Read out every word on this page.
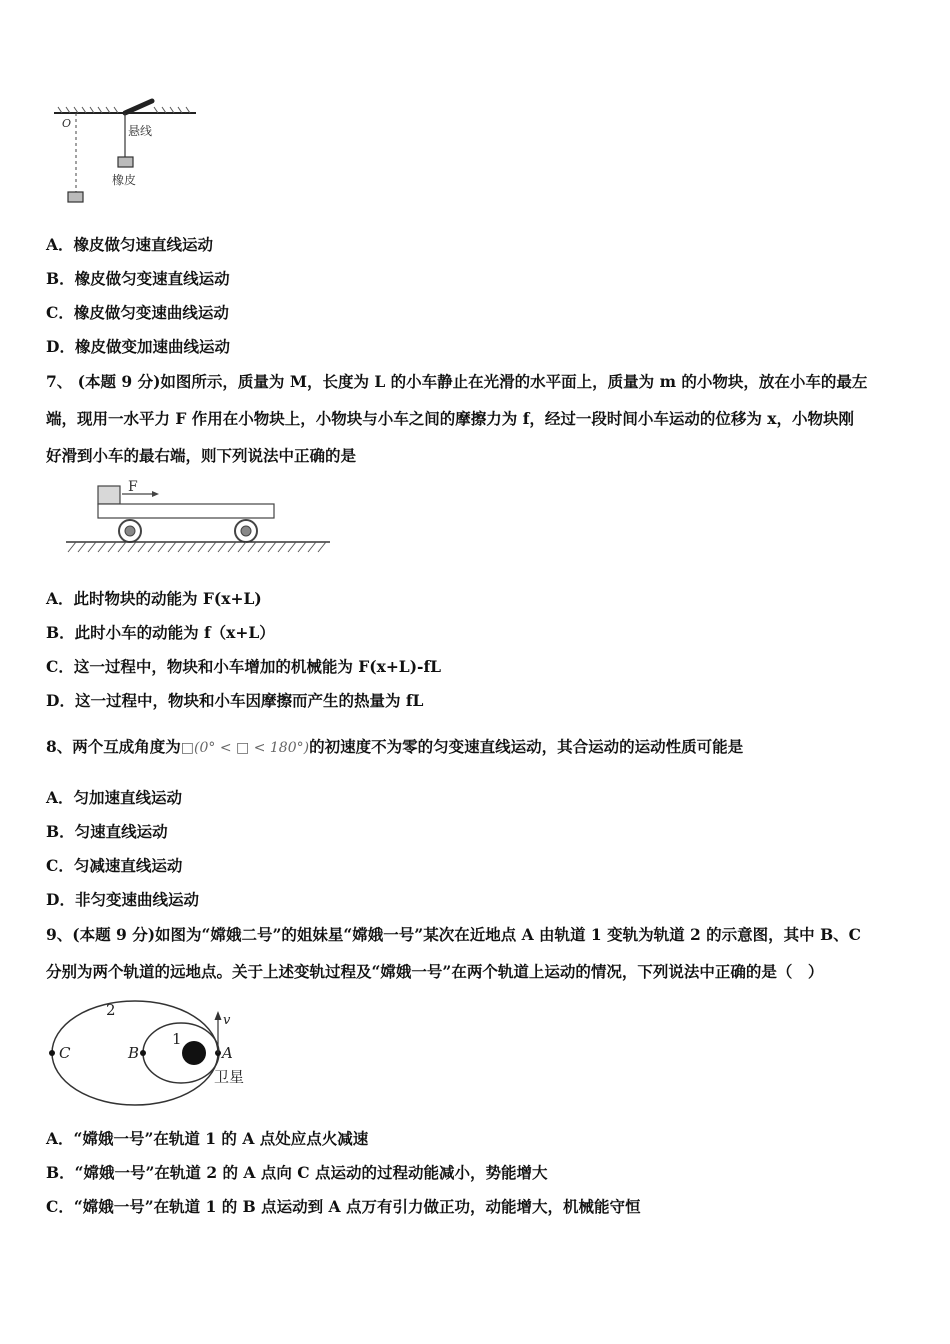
O
悬线
橡皮
A．橡皮做匀速直线运动
B．橡皮做匀变速直线运动
C．橡皮做匀变速曲线运动
D．橡皮做变加速曲线运动
7、 (本题 9 分)如图所示，质量为 M，长度为 L 的小车静止在光滑的水平面上，质量为 m 的小物块，放在小车的最左
端，现用一水平力 F 作用在小物块上，小物块与小车之间的摩擦力为 f，经过一段时间小车运动的位移为 x，小物块刚
好滑到小车的最右端，则下列说法中正确的是
F
A．此时物块的动能为 F(x+L)
B．此时小车的动能为 f（x+L）
C．这一过程中，物块和小车增加的机械能为 F(x+L)-fL
D．这一过程中，物块和小车因摩擦而产生的热量为 fL
8、两个互成角度为□(0° < □ < 180°)的初速度不为零的匀变速直线运动，其合运动的运动性质可能是
A．匀加速直线运动
B．匀速直线运动
C．匀减速直线运动
D．非匀变速曲线运动
9、(本题 9 分)如图为“嫦娥二号”的姐妹星“嫦娥一号”某次在近地点 A 由轨道 1 变轨为轨道 2 的示意图，其中 B、C
分别为两个轨道的远地点。关于上述变轨过程及“嫦娥一号”在两个轨道上运动的情况，下列说法中正确的是（　）
2
1
C	B	A
v
卫星
A．“嫦娥一号”在轨道 1 的 A 点处应点火减速
B．“嫦娥一号”在轨道 2 的 A 点向 C 点运动的过程动能减小，势能增大
C．“嫦娥一号”在轨道 1 的 B 点运动到 A 点万有引力做正功，动能增大，机械能守恒
